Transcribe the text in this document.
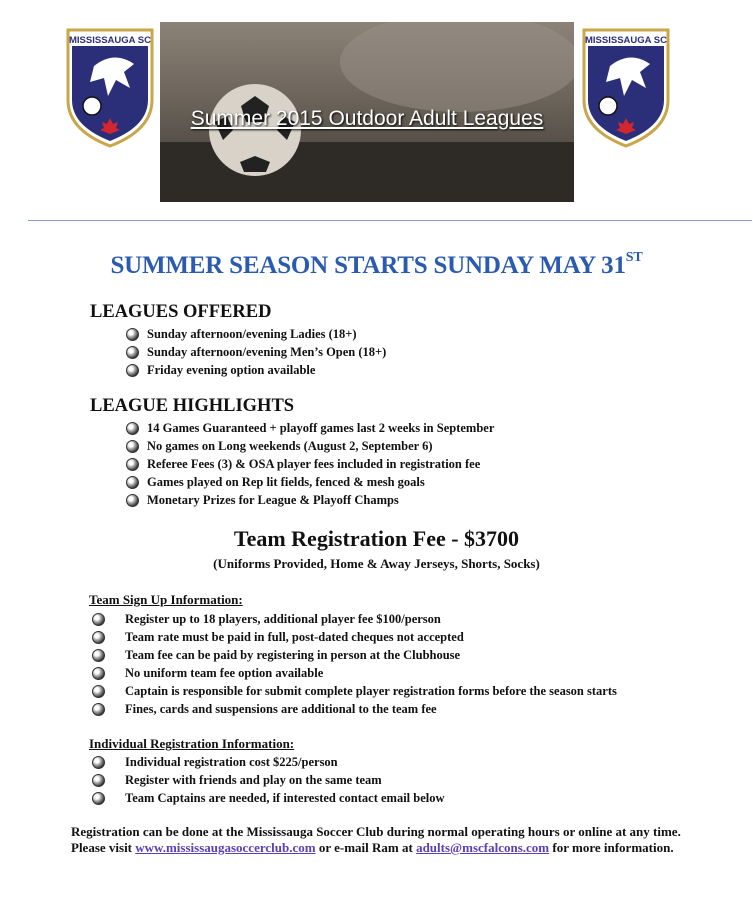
MISSISSAUGA SC	MISSISSAUGA SC
Summer 2015 Outdoor Adult Leagues
SUMMER SEASON STARTS SUNDAY MAY 31ST
LEAGUES OFFERED
Sunday afternoon/evening Ladies (18+)
Sunday afternoon/evening Men’s Open (18+)
Friday evening option available
LEAGUE HIGHLIGHTS
14 Games Guaranteed + playoff games last 2 weeks in September
No games on Long weekends (August 2, September 6)
Referee Fees (3) & OSA player fees included in registration fee
Games played on Rep lit fields, fenced & mesh goals
Monetary Prizes for League & Playoff Champs
Team Registration Fee - $3700
(Uniforms Provided, Home & Away Jerseys, Shorts, Socks)
Team Sign Up Information:
Register up to 18 players, additional player fee $100/person
Team rate must be paid in full, post-dated cheques not accepted
Team fee can be paid by registering in person at the Clubhouse
No uniform team fee option available
Captain is responsible for submit complete player registration forms before the season starts
Fines, cards and suspensions are additional to the team fee
Individual Registration Information:
Individual registration cost $225/person
Register with friends and play on the same team
Team Captains are needed, if interested contact email below
Registration can be done at the Mississauga Soccer Club during normal operating hours or online at any time. Please visit www.mississaugasoccerclub.com or e-mail Ram at adults@mscfalcons.com for more information.
